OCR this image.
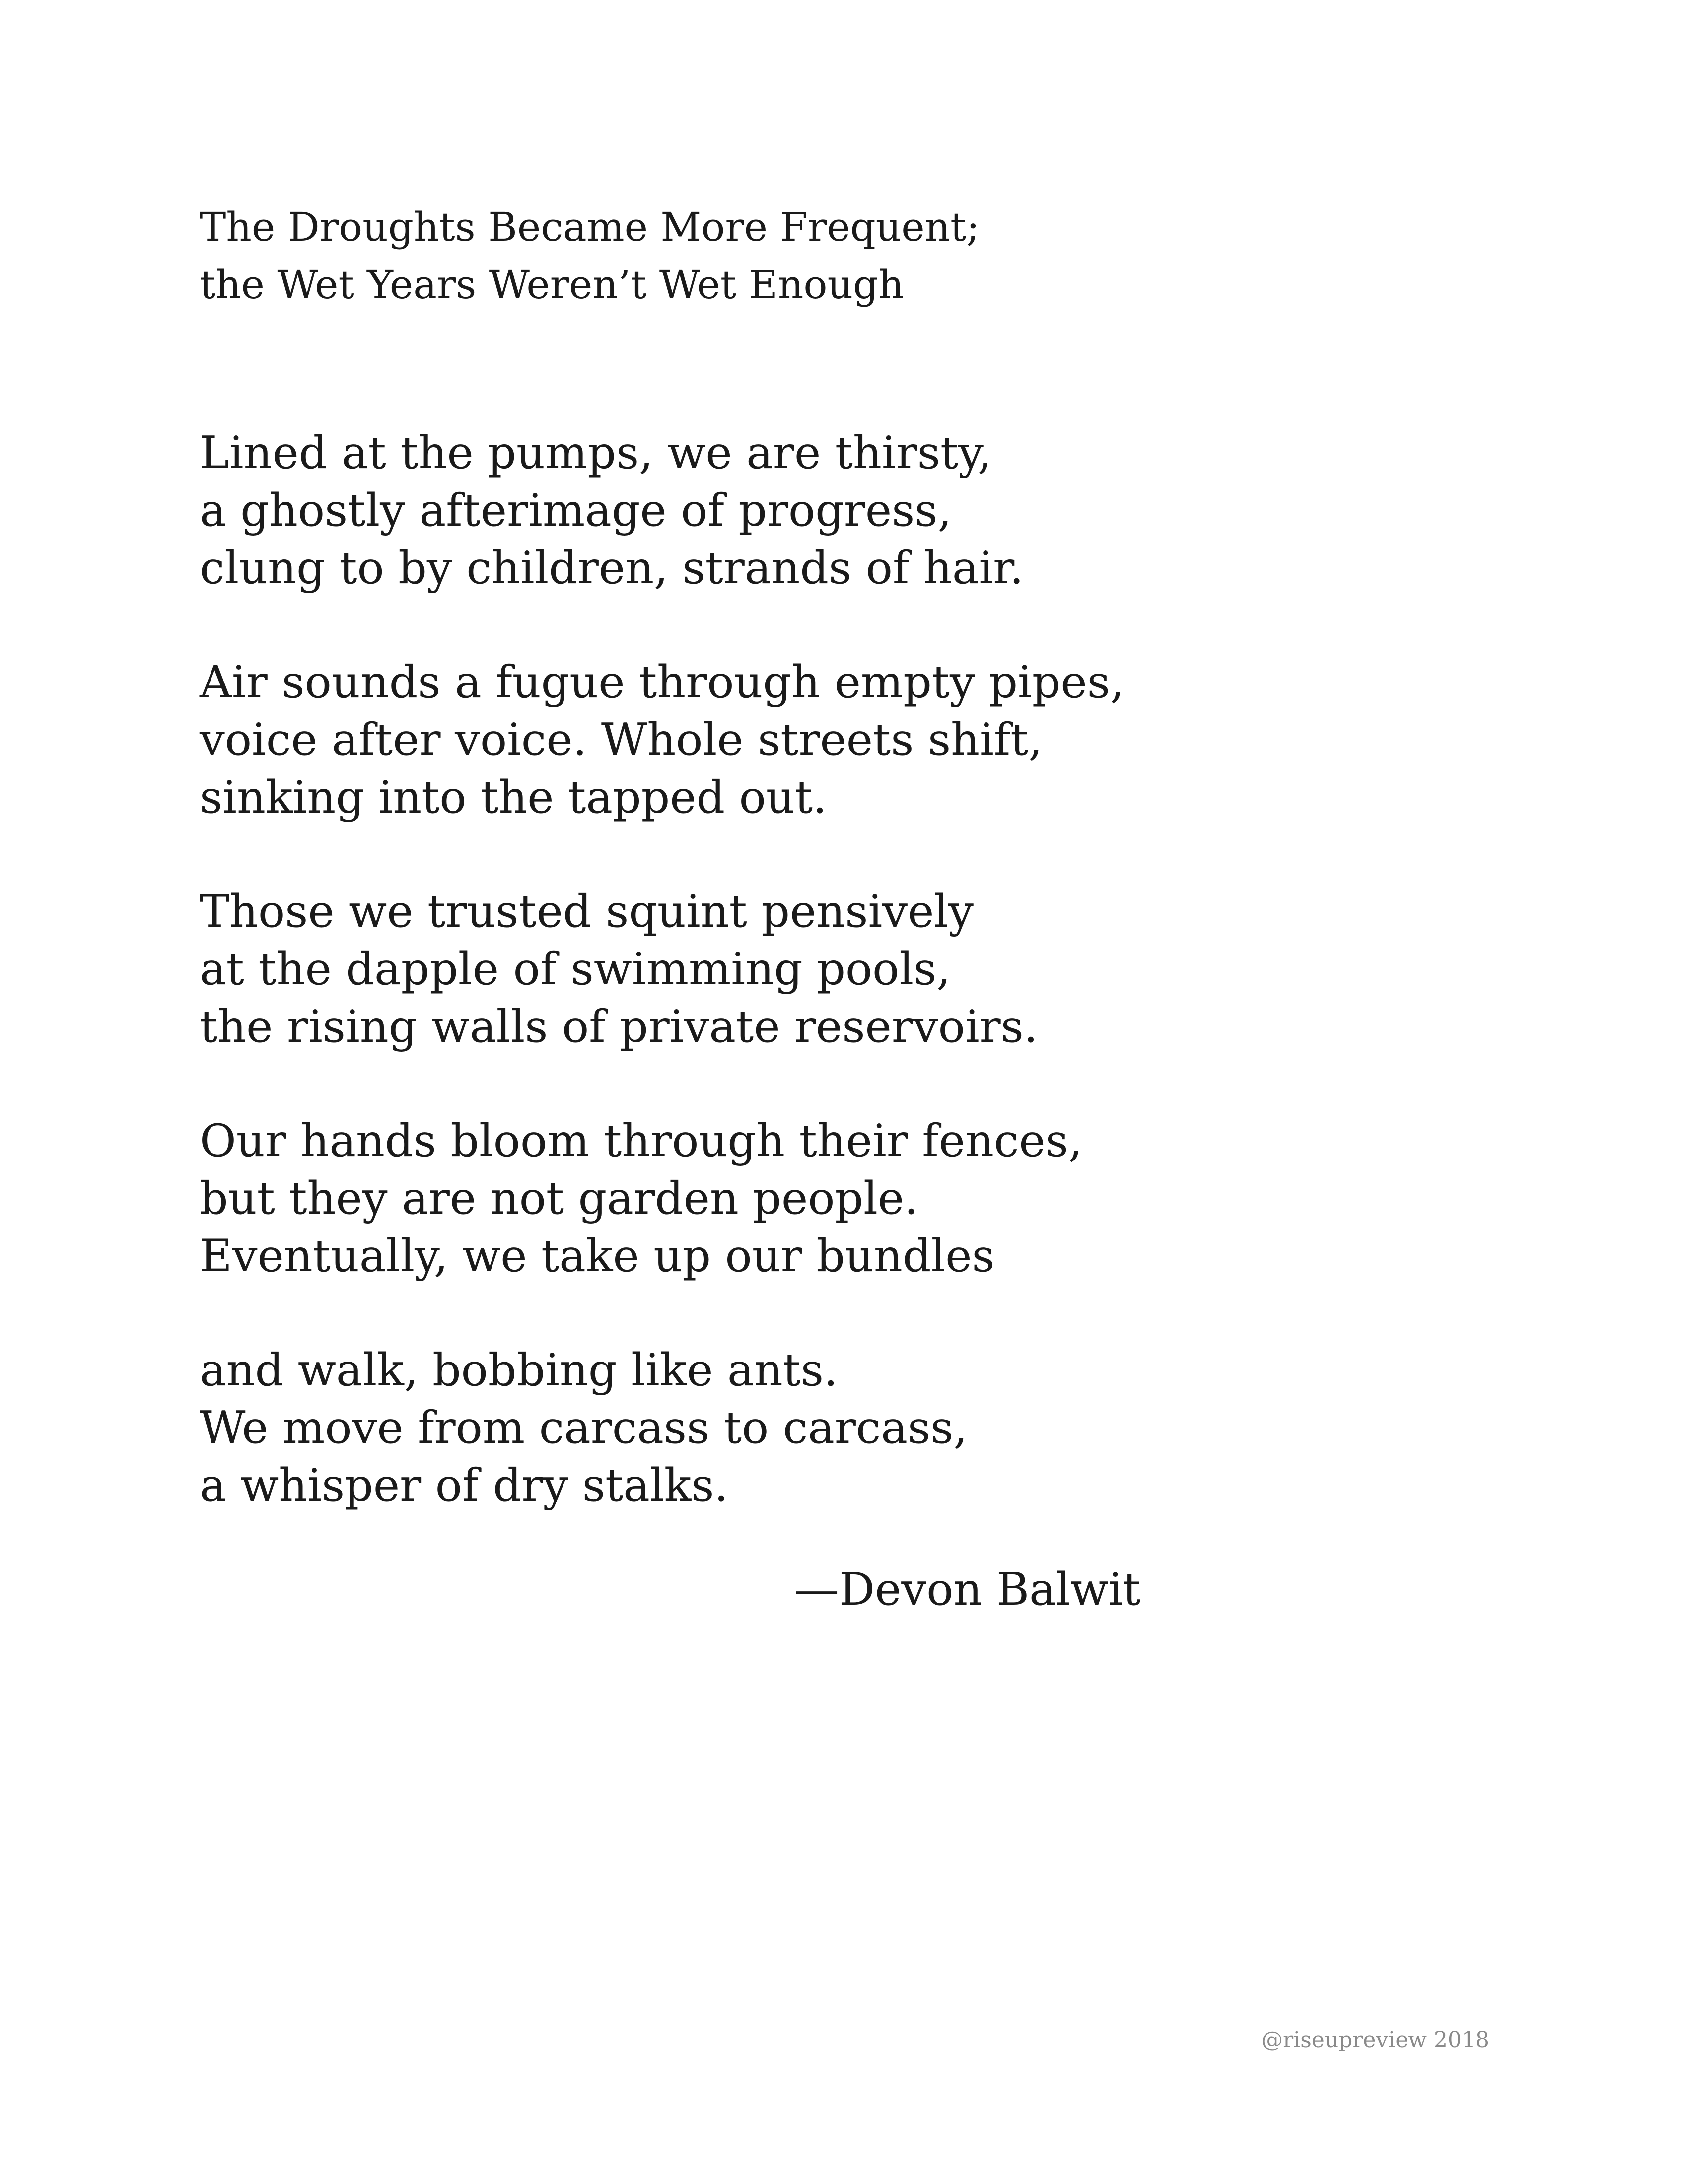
The Droughts Became More Frequent;
the Wet Years Weren’t Wet Enough
Lined at the pumps, we are thirsty,
a ghostly afterimage of progress,
clung to by children, strands of hair.
Air sounds a fugue through empty pipes,
voice after voice. Whole streets shift,
sinking into the tapped out.
Those we trusted squint pensively
at the dapple of swimming pools,
the rising walls of private reservoirs.
Our hands bloom through their fences,
but they are not garden people.
Eventually, we take up our bundles
and walk, bobbing like ants.
We move from carcass to carcass,
a whisper of dry stalks.
—Devon Balwit
@riseupreview 2018
